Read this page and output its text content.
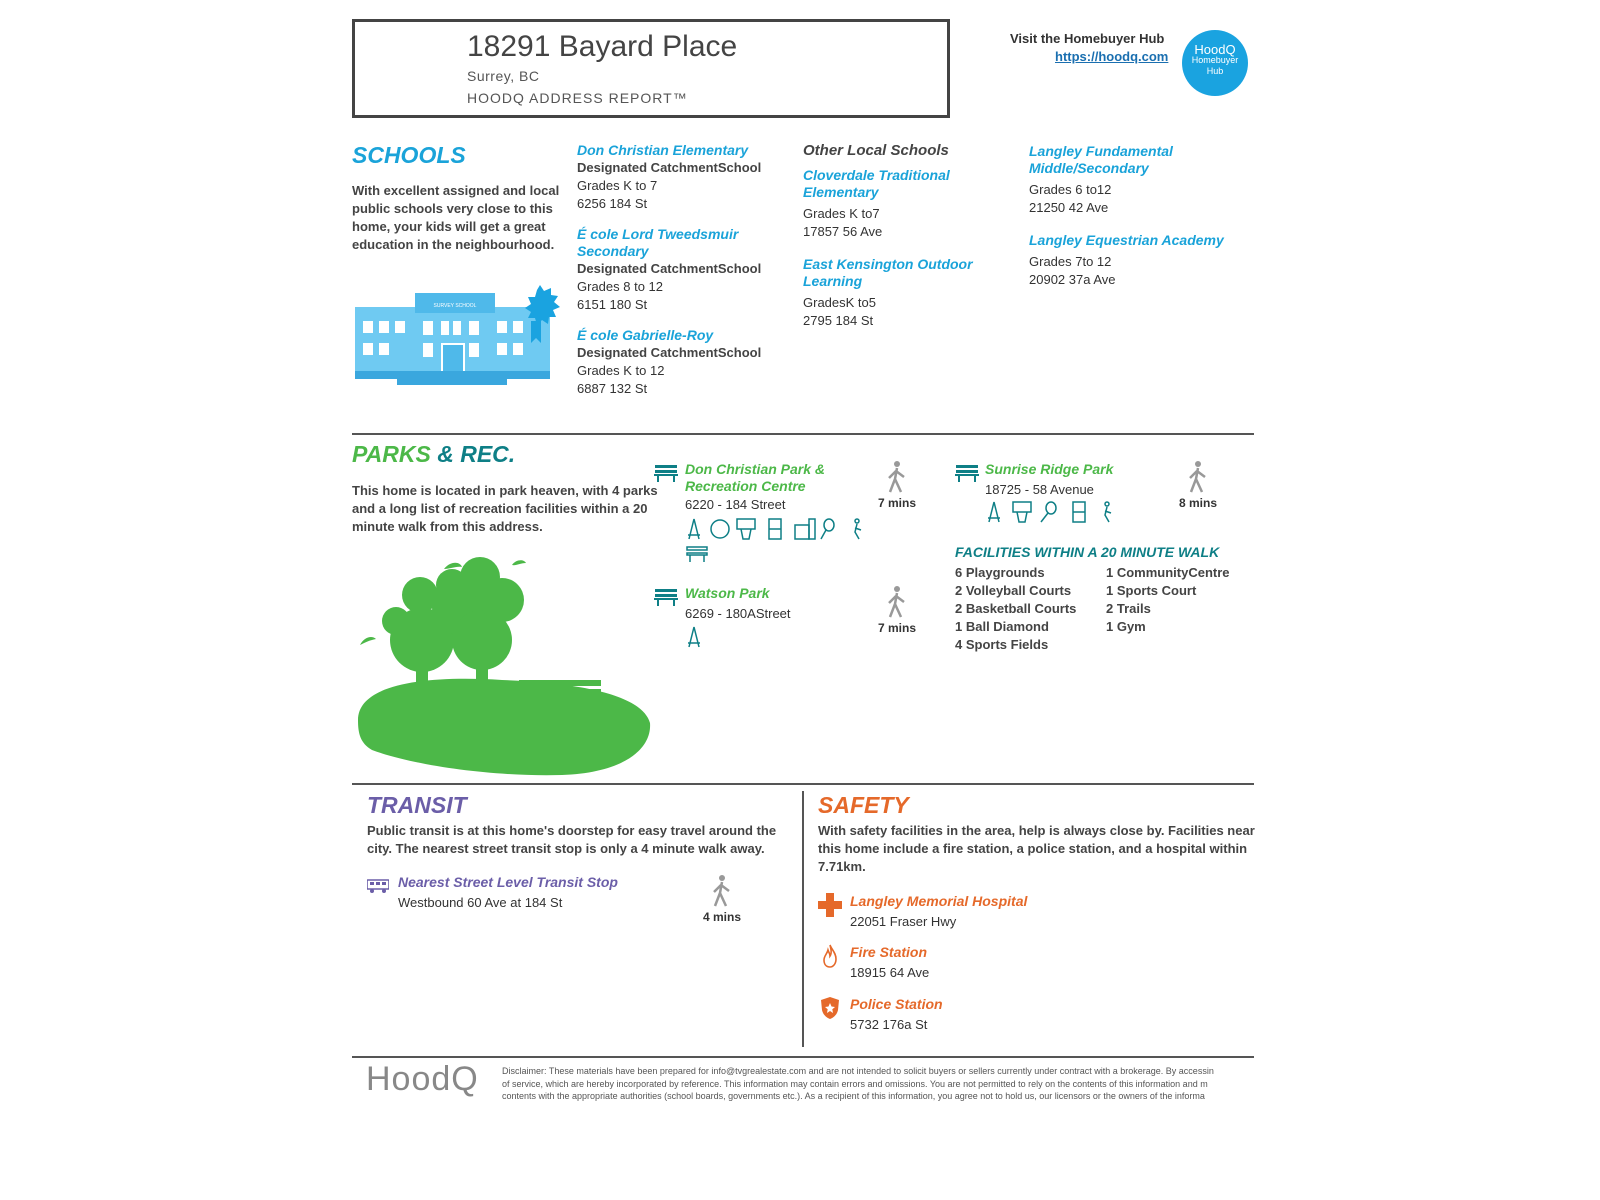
18291 Bayard Place
Surrey, BC
HOODQ ADDRESS REPORT™
Visit the Homebuyer Hub
https://hoodq.com	HoodQ
Homebuyer
Hub
SCHOOLS
With excellent assigned and local public schools very close to this home, your kids will get a great education in the neighbourhood.
SURVEY SCHOOL
Don Christian Elementary
Designated CatchmentSchool
Grades K to 7
6256 184 St
É cole Lord Tweedsmuir Secondary
Designated CatchmentSchool
Grades 8 to 12
6151 180 St
É cole Gabrielle-Roy
Designated CatchmentSchool
Grades K to 12
6887 132 St
Other Local Schools
Cloverdale Traditional Elementary
Grades K to7
17857 56 Ave
East Kensington Outdoor Learning
GradesK to5
2795 184 St
Langley Fundamental Middle/Secondary
Grades 6 to12
21250 42 Ave
Langley Equestrian Academy
Grades 7to 12
20902 37a Ave
PARKS & REC.
This home is located in park heaven, with 4 parks and a long list of recreation facilities within a 20 minute walk from this address.
Don Christian Park & Recreation Centre
6220 - 184 Street	7 mins
Watson Park
6269 - 180AStreet
7 mins
Sunrise Ridge Park
18725 - 58 Avenue
8 mins
FACILITIES WITHIN A 20 MINUTE WALK
6 Playgrounds
2 Volleyball Courts
2 Basketball Courts
1 Ball Diamond
4 Sports Fields
1 CommunityCentre
1 Sports Court
2 Trails
1 Gym
TRANSIT
Public transit is at this home's doorstep for easy travel around the city. The nearest street transit stop is only a 4 minute walk away.
Nearest Street Level Transit Stop
Westbound 60 Ave at 184 St
4 mins
SAFETY
With safety facilities in the area, help is always close by. Facilities near this home include a fire station, a police station, and a hospital within 7.71km.
Langley Memorial Hospital
22051 Fraser Hwy
Fire Station
18915 64 Ave
Police Station
5732 176a St
HoodQ	Disclaimer: These materials have been prepared for info@tvgrealestate.com and are not intended to solicit buyers or sellers currently under contract with a brokerage. By accessin
of service, which are hereby incorporated by reference. This information may contain errors and omissions. You are not permitted to rely on the contents of this information and m
contents with the appropriate authorities (school boards, governments etc.). As a recipient of this information, you agree not to hold us, our licensors or the owners of the informa
